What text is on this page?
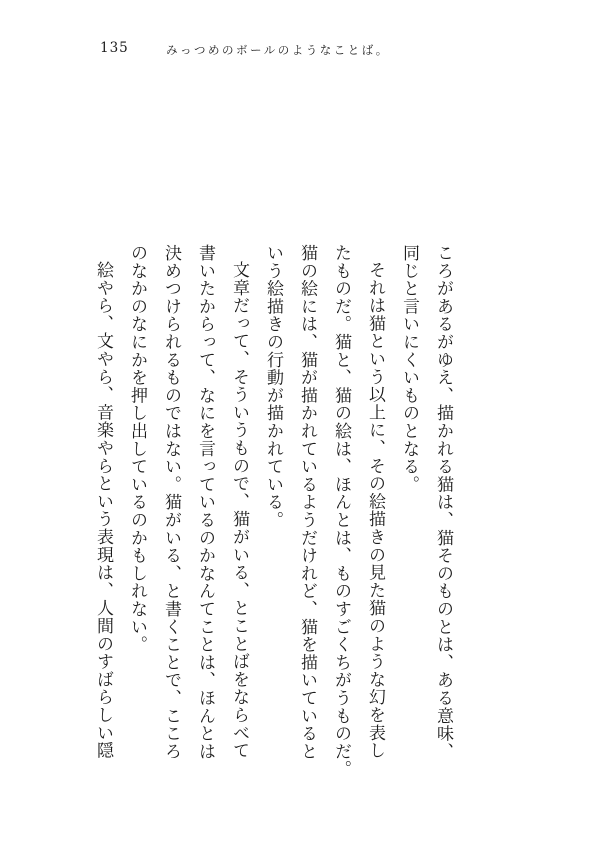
135	みっつめのボールのようなことば。
ころがあるがゆえ、描かれる猫は、猫そのものとは、ある意味、
同じと言いにくいものとなる。
それは猫という以上に、その絵描きの見た猫のような幻を表し
たものだ。猫と、猫の絵は、ほんとは、ものすごくちがうものだ。
猫の絵には、猫が描かれているようだけれど、猫を描いていると
いう絵描きの行動が描かれている。
文章だって、そういうもので、猫がいる、とことばをならべて
書いたからって、なにを言っているのかなんてことは、ほんとは
決めつけられるものではない。猫がいる、と書くことで、こころ
のなかのなにかを押し出しているのかもしれない。
絵やら、文やら、音楽やらという表現は、人間のすばらしい隠
